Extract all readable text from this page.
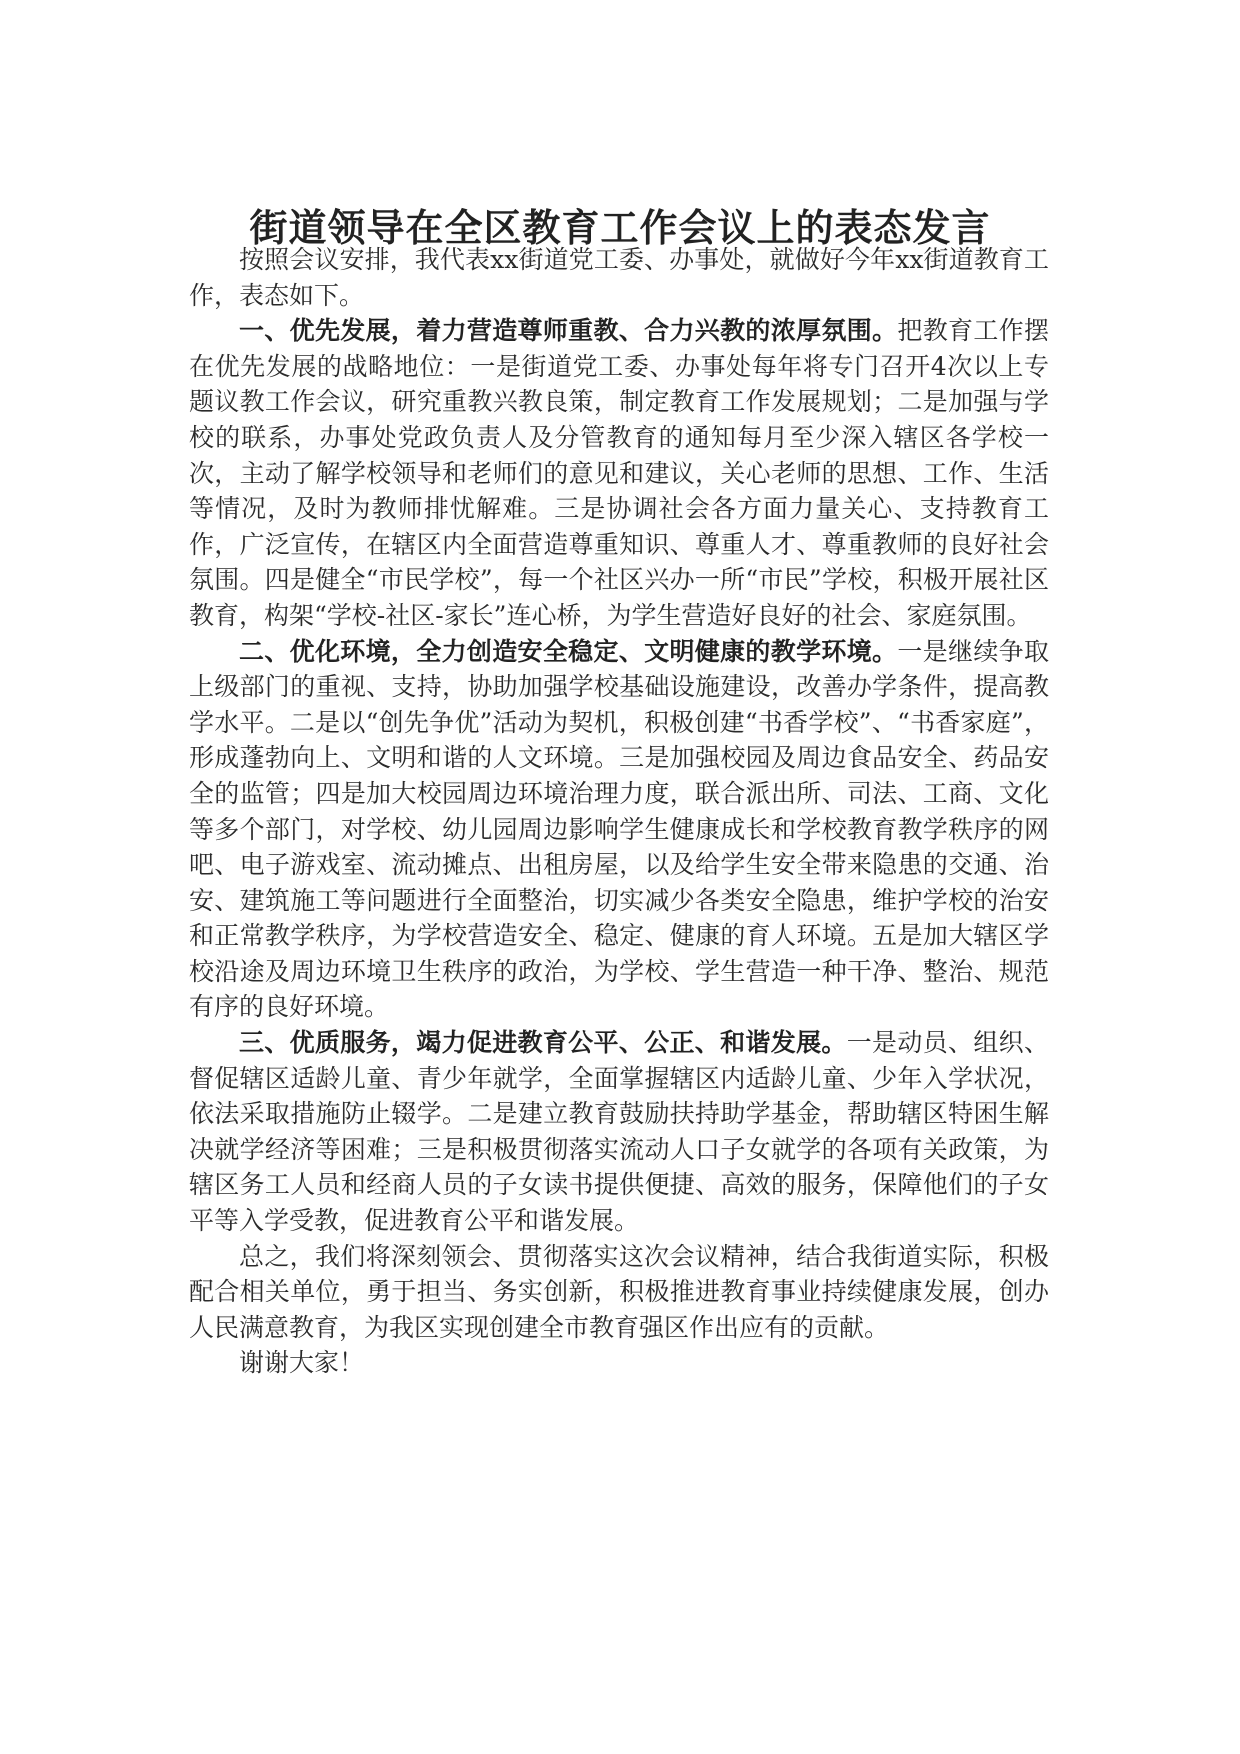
街道领导在全区教育工作会议上的表态发言

按照会议安排，我代表xx街道党工委、办事处，就做好今年xx街道教育工作，表态如下。

一、优先发展，着力营造尊师重教、合力兴教的浓厚氛围。把教育工作摆在优先发展的战略地位：一是街道党工委、办事处每年将专门召开4次以上专题议教工作会议，研究重教兴教良策，制定教育工作发展规划；二是加强与学校的联系，办事处党政负责人及分管教育的通知每月至少深入辖区各学校一次，主动了解学校领导和老师们的意见和建议，关心老师的思想、工作、生活等情况，及时为教师排忧解难。三是协调社会各方面力量关心、支持教育工作，广泛宣传，在辖区内全面营造尊重知识、尊重人才、尊重教师的良好社会氛围。四是健全“市民学校”，每一个社区兴办一所“市民”学校，积极开展社区教育，构架“学校-社区-家长”连心桥，为学生营造好良好的社会、家庭氛围。

二、优化环境，全力创造安全稳定、文明健康的教学环境。一是继续争取上级部门的重视、支持，协助加强学校基础设施建设，改善办学条件，提高教学水平。二是以“创先争优”活动为契机，积极创建“书香学校”、“书香家庭”，形成蓬勃向上、文明和谐的人文环境。三是加强校园及周边食品安全、药品安全的监管；四是加大校园周边环境治理力度，联合派出所、司法、工商、文化等多个部门，对学校、幼儿园周边影响学生健康成长和学校教育教学秩序的网吧、电子游戏室、流动摊点、出租房屋，以及给学生安全带来隐患的交通、治安、建筑施工等问题进行全面整治，切实减少各类安全隐患，维护学校的治安和正常教学秩序，为学校营造安全、稳定、健康的育人环境。五是加大辖区学校沿途及周边环境卫生秩序的政治，为学校、学生营造一种干净、整治、规范有序的良好环境。

三、优质服务，竭力促进教育公平、公正、和谐发展。一是动员、组织、督促辖区适龄儿童、青少年就学，全面掌握辖区内适龄儿童、少年入学状况，依法采取措施防止辍学。二是建立教育鼓励扶持助学基金，帮助辖区特困生解决就学经济等困难；三是积极贯彻落实流动人口子女就学的各项有关政策，为辖区务工人员和经商人员的子女读书提供便捷、高效的服务，保障他们的子女平等入学受教，促进教育公平和谐发展。

总之，我们将深刻领会、贯彻落实这次会议精神，结合我街道实际，积极配合相关单位，勇于担当、务实创新，积极推进教育事业持续健康发展，创办人民满意教育，为我区实现创建全市教育强区作出应有的贡献。

谢谢大家！
